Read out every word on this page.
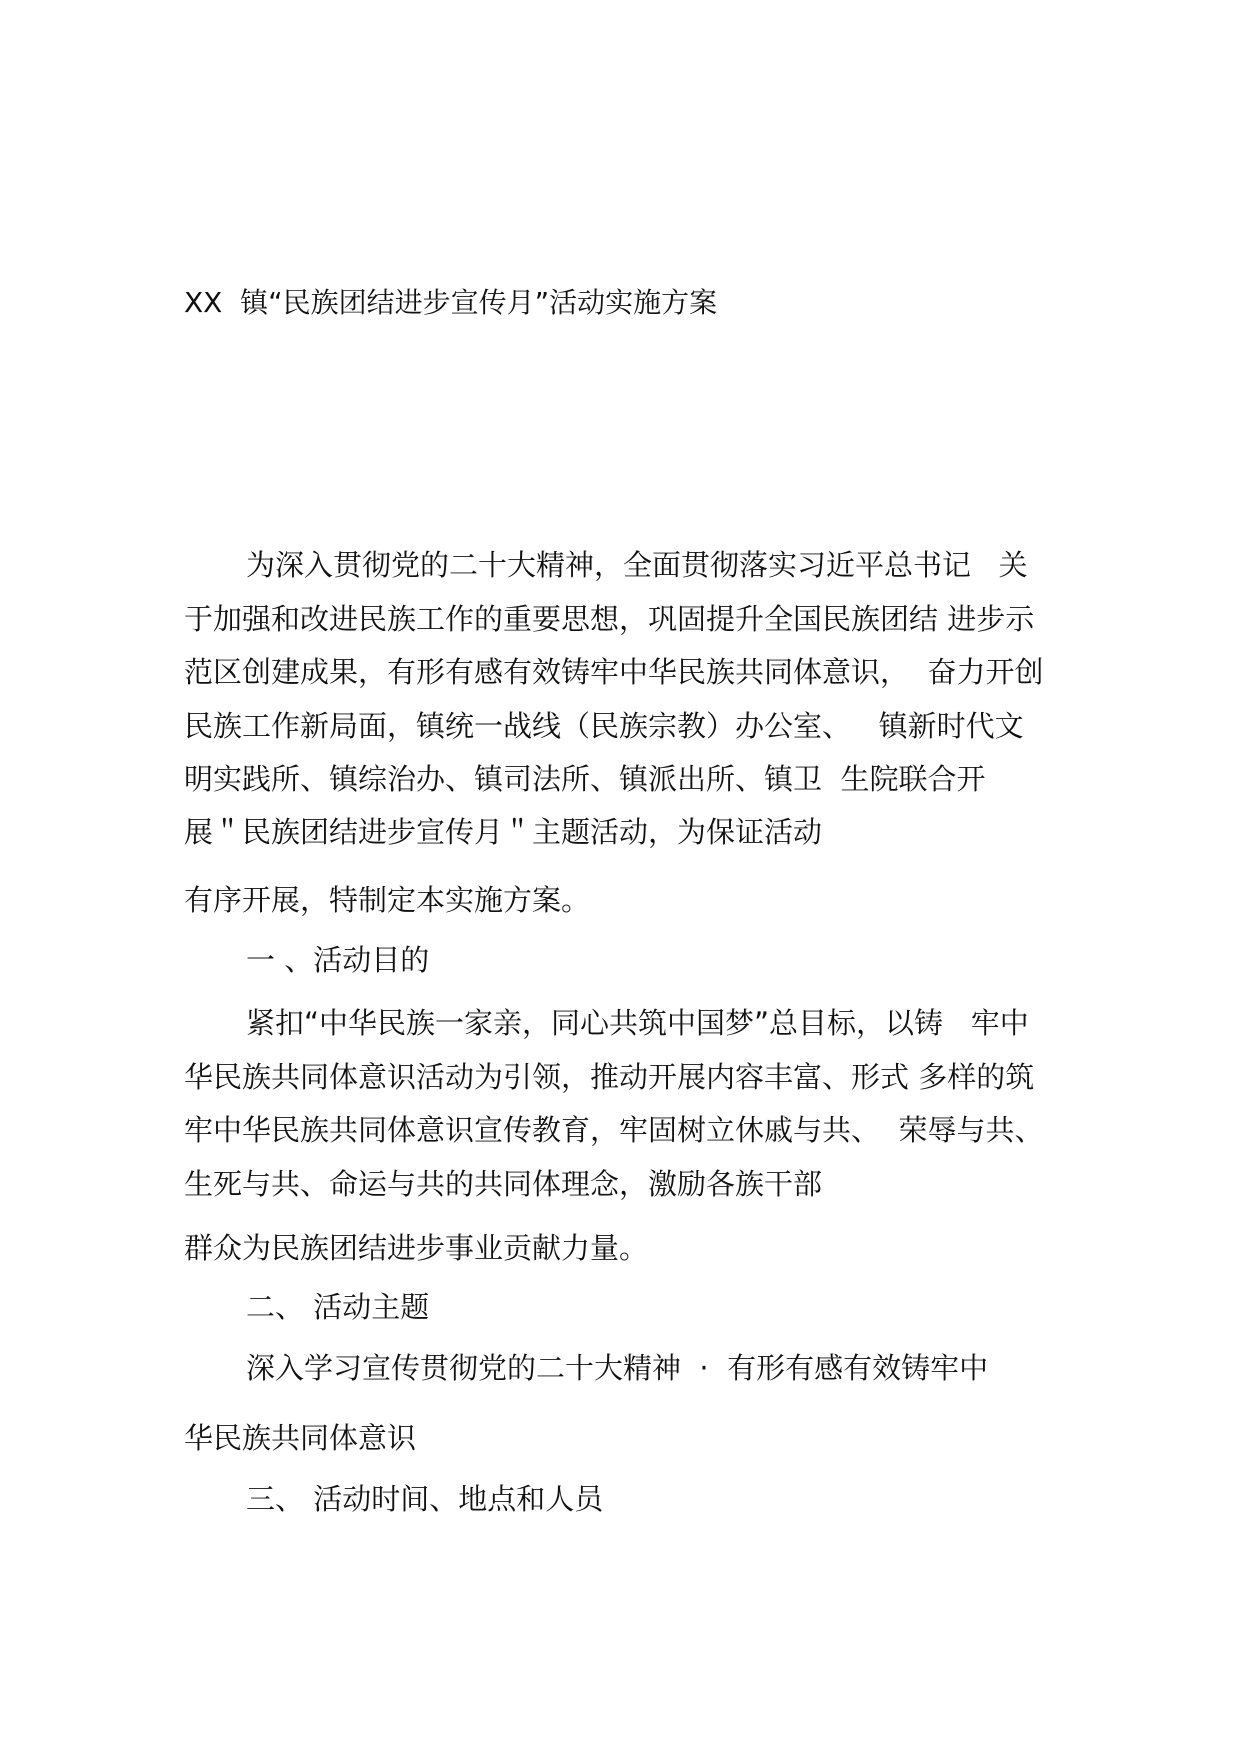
XX  镇“民族团结进步宣传月”活动实施方案

为深入贯彻党的二十大精神，全面贯彻落实习近平总书记   关

于加强和改进民族工作的重要思想，巩固提升全国民族团结 进步示

范区创建成果，有形有感有效铸牢中华民族共同体意识，  奋力开创

民族工作新局面，镇统一战线（民族宗教）办公室、   镇新时代文

明实践所、镇综治办、镇司法所、镇派出所、镇卫  生院联合开

展＂民族团结进步宣传月＂主题活动，为保证活动

有序开展，特制定本实施方案。

一 、活动目的

紧扣“中华民族一家亲，同心共筑中国梦”总目标，以铸   牢中

华民族共同体意识活动为引领，推动开展内容丰富、形式 多样的筑

牢中华民族共同体意识宣传教育，牢固树立休戚与共、  荣辱与共、

生死与共、命运与共的共同体理念，激励各族干部

群众为民族团结进步事业贡献力量。

二、 活动主题

深入学习宣传贯彻党的二十大精神  ·  有形有感有效铸牢中

华民族共同体意识

三、 活动时间、地点和人员
